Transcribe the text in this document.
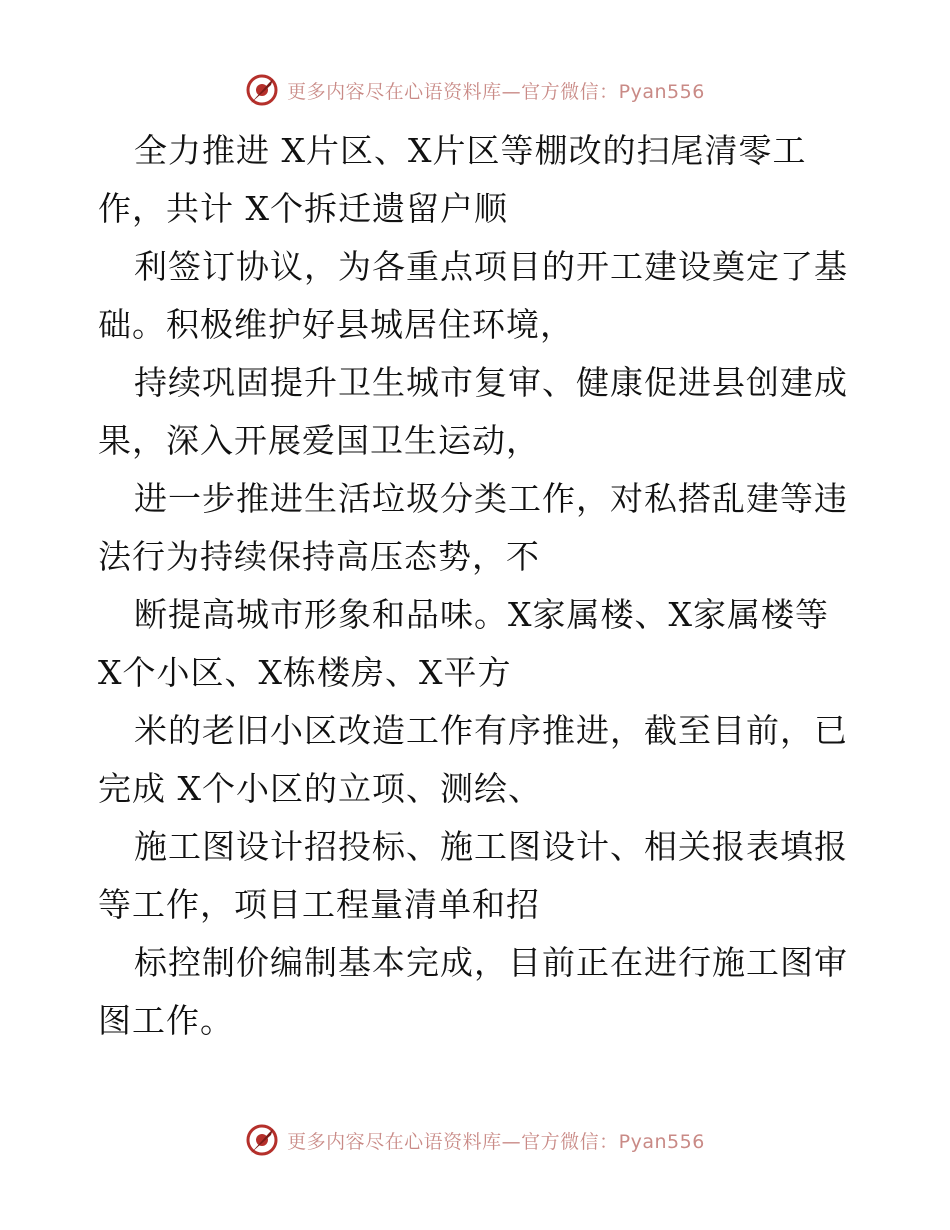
更多内容尽在心语资料库—官方微信：Pyan556
全力推进 X片区、X片区等棚改的扫尾清零工
作，共计 X个拆迁遗留户顺
利签订协议，为各重点项目的开工建设奠定了基
础。积极维护好县城居住环境，
持续巩固提升卫生城市复审、健康促进县创建成
果，深入开展爱国卫生运动，
进一步推进生活垃圾分类工作，对私搭乱建等违
法行为持续保持高压态势，不
断提高城市形象和品味。X家属楼、X家属楼等
X个小区、X栋楼房、X平方
米的老旧小区改造工作有序推进，截至目前，已
完成 X个小区的立项、测绘、
施工图设计招投标、施工图设计、相关报表填报
等工作，项目工程量清单和招
标控制价编制基本完成，目前正在进行施工图审
图工作。
更多内容尽在心语资料库—官方微信：Pyan556
